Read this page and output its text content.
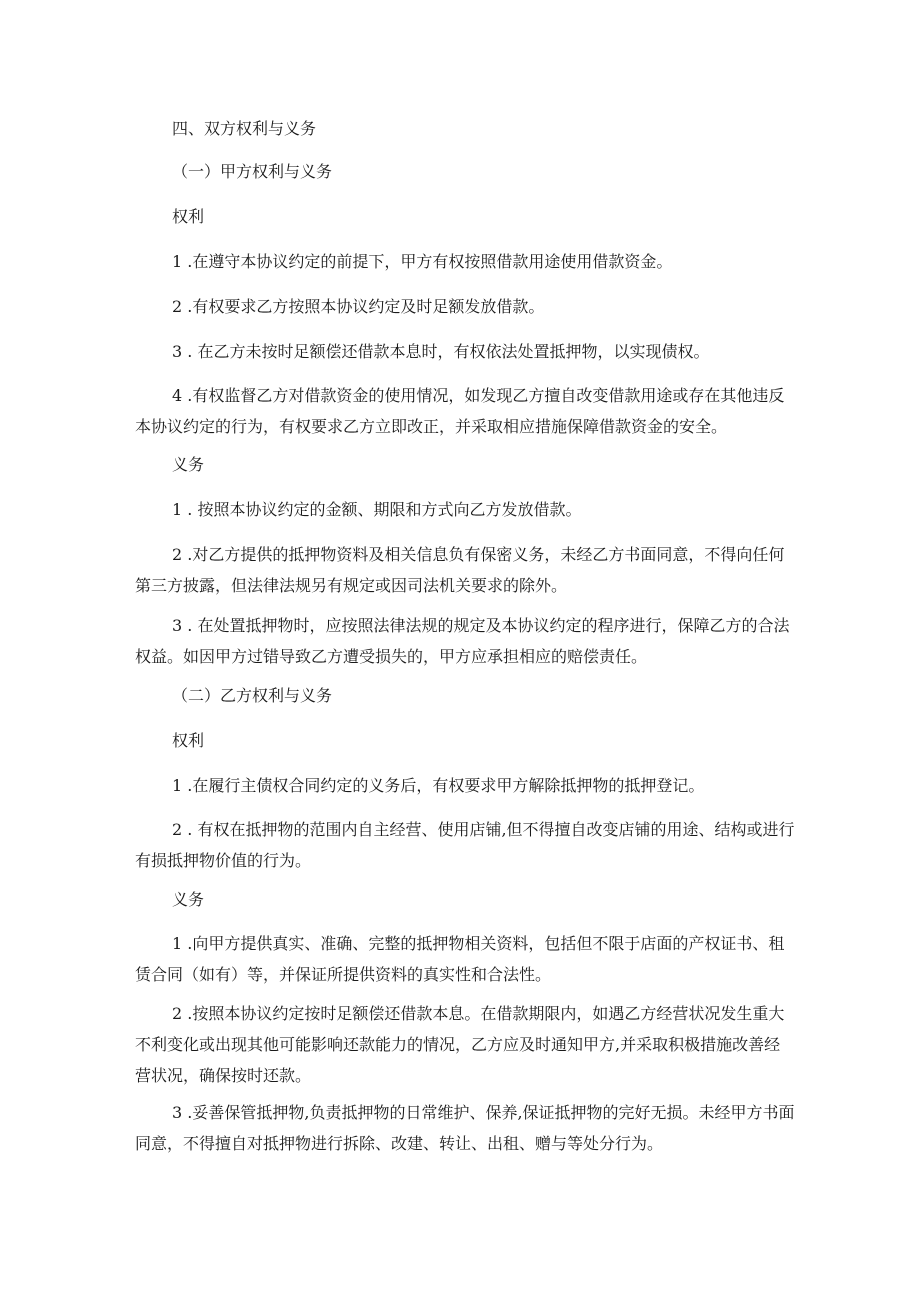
四、双方权利与义务

（一）甲方权利与义务

权利

1 .在遵守本协议约定的前提下，甲方有权按照借款用途使用借款资金。

2 .有权要求乙方按照本协议约定及时足额发放借款。

3 . 在乙方未按时足额偿还借款本息时，有权依法处置抵押物，以实现债权。

4 .有权监督乙方对借款资金的使用情况，如发现乙方擅自改变借款用途或存在其他违反本协议约定的行为，有权要求乙方立即改正，并采取相应措施保障借款资金的安全。

义务

1 . 按照本协议约定的金额、期限和方式向乙方发放借款。

2 .对乙方提供的抵押物资料及相关信息负有保密义务，未经乙方书面同意，不得向任何第三方披露，但法律法规另有规定或因司法机关要求的除外。

3 . 在处置抵押物时，应按照法律法规的规定及本协议约定的程序进行，保障乙方的合法权益。如因甲方过错导致乙方遭受损失的，甲方应承担相应的赔偿责任。

（二）乙方权利与义务

权利

1 .在履行主债权合同约定的义务后，有权要求甲方解除抵押物的抵押登记。

2 . 有权在抵押物的范围内自主经营、使用店铺,但不得擅自改变店铺的用途、结构或进行有损抵押物价值的行为。

义务

1 .向甲方提供真实、准确、完整的抵押物相关资料，包括但不限于店面的产权证书、租赁合同（如有）等，并保证所提供资料的真实性和合法性。

2 .按照本协议约定按时足额偿还借款本息。在借款期限内，如遇乙方经营状况发生重大不利变化或出现其他可能影响还款能力的情况，乙方应及时通知甲方,并采取积极措施改善经营状况，确保按时还款。

3 .妥善保管抵押物,负责抵押物的日常维护、保养,保证抵押物的完好无损。未经甲方书面同意，不得擅自对抵押物进行拆除、改建、转让、出租、赠与等处分行为。
